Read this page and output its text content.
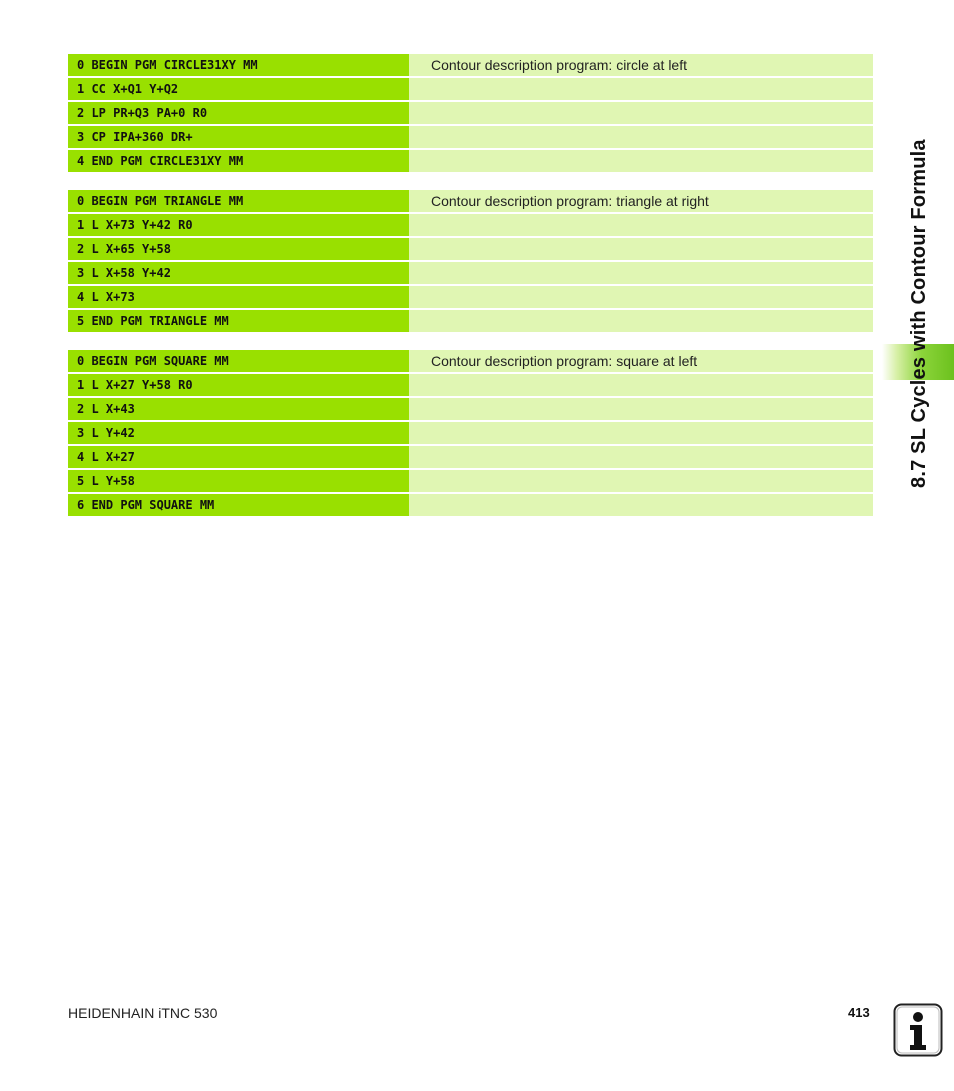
0 BEGIN PGM CIRCLE31XY MM	Contour description program: circle at left
1 CC X+Q1 Y+Q2
2 LP PR+Q3 PA+0 R0
3 CP IPA+360 DR+
4 END PGM CIRCLE31XY MM
0 BEGIN PGM TRIANGLE MM	Contour description program: triangle at right
1 L X+73 Y+42 R0
2 L X+65 Y+58
3 L X+58 Y+42
4 L X+73
5 END PGM TRIANGLE MM
0 BEGIN PGM SQUARE MM	Contour description program: square at left
1 L X+27 Y+58 R0
2 L X+43
3 L Y+42
4 L X+27
5 L Y+58
6 END PGM SQUARE MM
8.7 SL Cycles with Contour Formula
HEIDENHAIN iTNC 530	413
